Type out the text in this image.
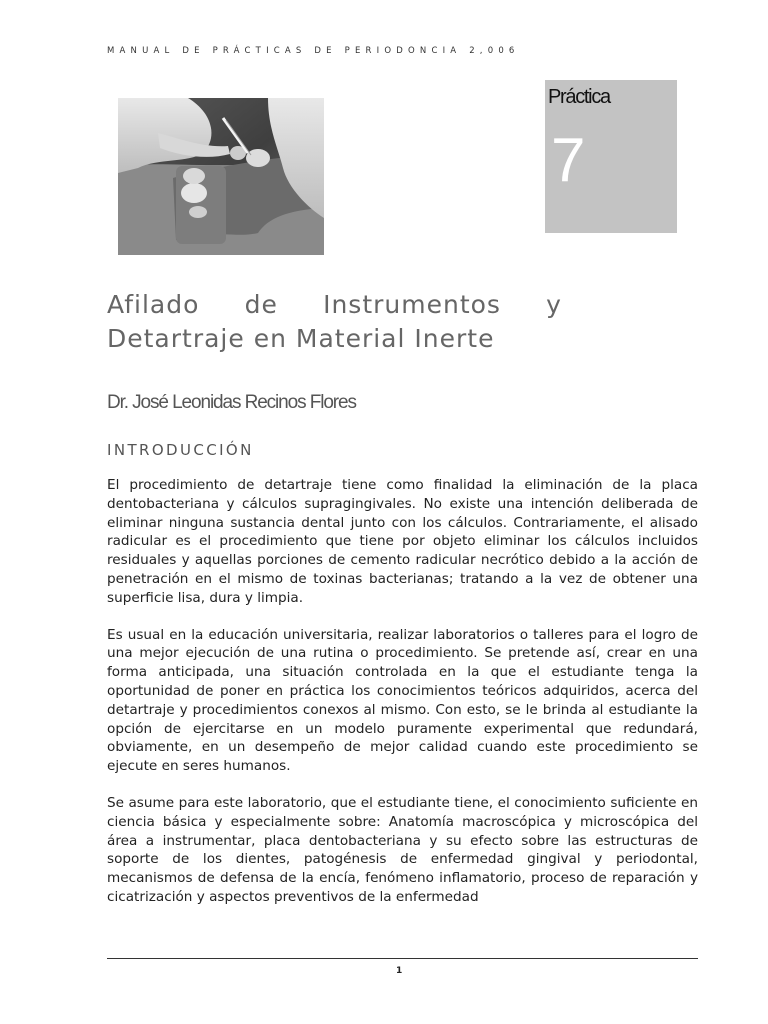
MANUAL DE PRÁCTICAS DE PERIODONCIA 2,006
Práctica
7
Afilado de Instrumentos y
Detartraje en Material Inerte
Dr. José Leonidas Recinos Flores
INTRODUCCIÓN

El procedimiento de detartraje tiene como finalidad la eliminación de la placa dentobacteriana y cálculos supragingivales. No existe una intención deliberada de eliminar ninguna sustancia dental junto con los cálculos. Contrariamente, el alisado radicular es el procedimiento que tiene por objeto eliminar los cálculos incluidos residuales y aquellas porciones de cemento radicular necrótico debido a la acción de penetración en el mismo de toxinas bacterianas; tratando a la vez de obtener una superficie lisa, dura y limpia.

Es usual en la educación universitaria, realizar laboratorios o talleres para el logro de una mejor ejecución de una rutina o procedimiento. Se pretende así, crear en una forma anticipada, una situación controlada en la que el estudiante tenga la oportunidad de poner en práctica los conocimientos teóricos adquiridos, acerca del detartraje y procedimientos conexos al mismo. Con esto, se le brinda al estudiante la opción de ejercitarse en un modelo puramente experimental que redundará, obviamente, en un desempeño de mejor calidad cuando este procedimiento se ejecute en seres humanos.

Se asume para este laboratorio, que el estudiante tiene, el conocimiento suficiente en ciencia básica y especialmente sobre: Anatomía macroscópica y microscópica del área a instrumentar, placa dentobacteriana y su efecto sobre las estructuras de soporte de los dientes, patogénesis de enfermedad gingival y periodontal, mecanismos de defensa de la encía, fenómeno inflamatorio, proceso de reparación y cicatrización y aspectos preventivos de la enfermedad

1
